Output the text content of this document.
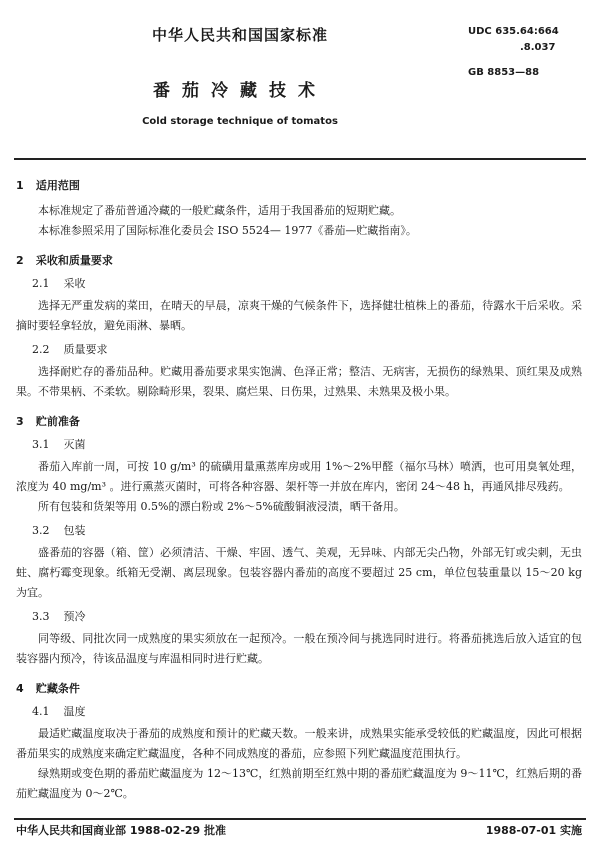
中华人民共和国国家标准	UDC 635.64:664
.8.037
GB 8853—88
番茄冷藏技术
Cold storage technique of tomatos
1 适用范围

本标准规定了番茄普通冷藏的一般贮藏条件，适用于我国番茄的短期贮藏。

本标准参照采用了国际标准化委员会 ISO 5524— 1977《番茄—贮藏指南》。

2 采收和质量要求
2.1 采收

选择无严重发病的菜田，在晴天的早晨，凉爽干燥的气候条件下，选择健壮植株上的番茄，待露水干后采收。采摘时要轻拿轻放，避免雨淋、暴晒。

2.2 质量要求

选择耐贮存的番茄品种。贮藏用番茄要求果实饱满、色泽正常；整洁、无病害，无损伤的绿熟果、顶红果及成熟果。不带果柄、不柔软。剔除畸形果，裂果、腐烂果、日伤果，过熟果、未熟果及极小果。

3 贮前准备
3.1 灭菌

番茄入库前一周，可按 10 g/m³ 的硫磺用量熏蒸库房或用 1%～2%甲醛（福尔马林）喷洒，也可用臭氧处理，浓度为 40 mg/m³ 。进行熏蒸灭菌时，可将各种容器、架杆等一并放在库内，密闭 24～48 h，再通风排尽残药。

所有包装和货架等用 0.5%的漂白粉或 2%～5%硫酸铜液浸渍，晒干备用。

3.2 包装

盛番茄的容器（箱、筐）必须清洁、干燥、牢固、透气、美观，无异味、内部无尖凸物，外部无钉或尖刺，无虫蛀、腐朽霉变现象。纸箱无受潮、离层现象。包装容器内番茄的高度不要超过 25 cm，单位包装重量以 15～20 kg 为宜。

3.3 预冷

同等级、同批次同一成熟度的果实须放在一起预冷。一般在预冷间与挑选同时进行。将番茄挑选后放入适宜的包装容器内预冷，待该品温度与库温相同时进行贮藏。

4 贮藏条件
4.1 温度

最适贮藏温度取决于番茄的成熟度和预计的贮藏天数。一般来讲，成熟果实能承受较低的贮藏温度，因此可根据番茄果实的成熟度来确定贮藏温度，各种不同成熟度的番茄，应参照下列贮藏温度范围执行。

绿熟期或变色期的番茄贮藏温度为 12～13℃，红熟前期至红熟中期的番茄贮藏温度为 9～11℃，红熟后期的番茄贮藏温度为 0～2℃。

中华人民共和国商业部 1988-02-29 批准	1988-07-01 实施
